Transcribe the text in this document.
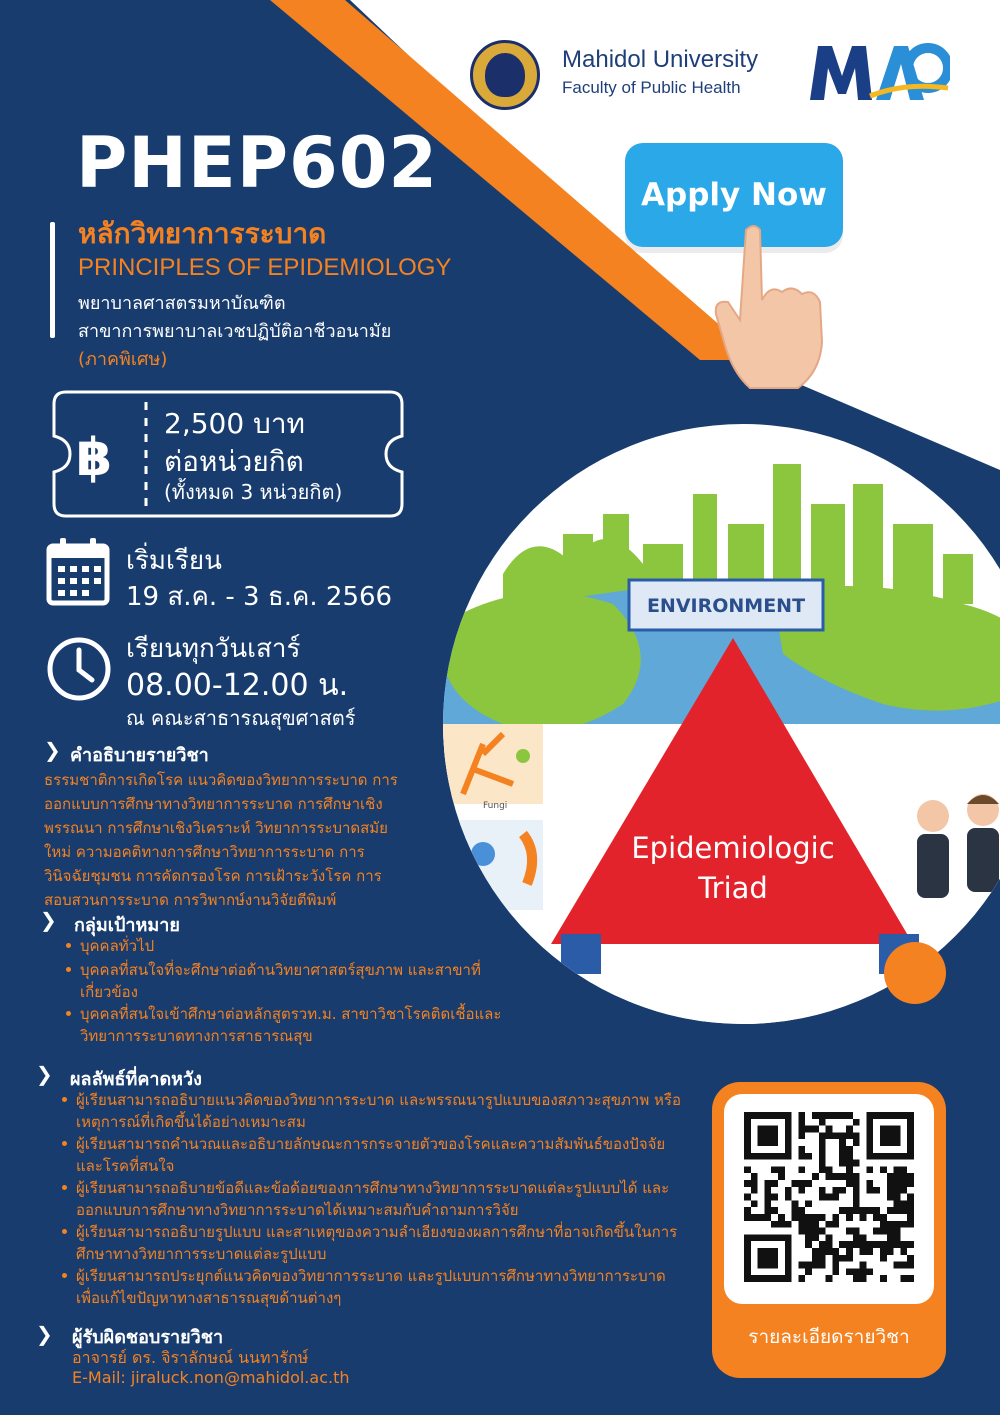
Mahidol University
Faculty of Public Health
PHEP602
หลักวิทยาการระบาด
PRINCIPLES OF EPIDEMIOLOGY
พยาบาลศาสตรมหาบัณฑิต
สาขาการพยาบาลเวชปฏิบัติอาชีวอนามัย
(ภาคพิเศษ)
Apply Now
฿
2,500 บาท
ต่อหน่วยกิต
(ทั้งหมด 3 หน่วยกิต)
เริ่มเรียน
19 ส.ค. - 3 ธ.ค. 2566
เรียนทุกวันเสาร์
08.00-12.00 น.
ณ คณะสาธารณสุขศาสตร์
ENVIRONMENT
Epidemiologic
Triad
Fungi
❯ คำอธิบายรายวิชา
ธรรมชาติการเกิดโรค แนวคิดของวิทยาการระบาด การ
ออกแบบการศึกษาทางวิทยาการระบาด การศึกษาเชิง
พรรณนา การศึกษาเชิงวิเคราะห์ วิทยาการระบาดสมัย
ใหม่ ความอคติทางการศึกษาวิทยาการระบาด การ
วินิจฉัยชุมชน การคัดกรองโรค การเฝ้าระวังโรค การ
สอบสวนการระบาด การวิพากษ์งานวิจัยตีพิมพ์
❯ กลุ่มเป้าหมาย
บุคคลทั่วไป
บุคคลที่สนใจที่จะศึกษาต่อด้านวิทยาศาสตร์สุขภาพ และสาขาที่
เกี่ยวข้อง
บุคคลที่สนใจเข้าศึกษาต่อหลักสูตรวท.ม. สาขาวิชาโรคติดเชื้อและ
วิทยาการระบาดทางการสาธารณสุข
❯ ผลลัพธ์ที่คาดหวัง
ผู้เรียนสามารถอธิบายแนวคิดของวิทยาการระบาด และพรรณนารูปแบบของสภาวะสุขภาพ หรือ
เหตุการณ์ที่เกิดขึ้นได้อย่างเหมาะสม
ผู้เรียนสามารถคำนวณและอธิบายลักษณะการกระจายตัวของโรคและความสัมพันธ์ของปัจจัย
และโรคที่สนใจ
ผู้เรียนสามารถอธิบายข้อดีและข้อด้อยของการศึกษาทางวิทยาการระบาดแต่ละรูปแบบได้ และ
ออกแบบการศึกษาทางวิทยาการระบาดได้เหมาะสมกับคำถามการวิจัย
ผู้เรียนสามารถอธิบายรูปแบบ และสาเหตุของความลำเอียงของผลการศึกษาที่อาจเกิดขึ้นในการ
ศึกษาทางวิทยาการระบาดแต่ละรูปแบบ
ผู้เรียนสามารถประยุกต์แนวคิดของวิทยาการระบาด และรูปแบบการศึกษาทางวิทยาการะบาด
เพื่อแก้ไขปัญหาทางสาธารณสุขด้านต่างๆ
❯ ผู้รับผิดชอบรายวิชา
อาจารย์ ดร. จิราลักษณ์ นนทารักษ์
E-Mail: jiraluck.non@mahidol.ac.th
รายละเอียดรายวิชา
